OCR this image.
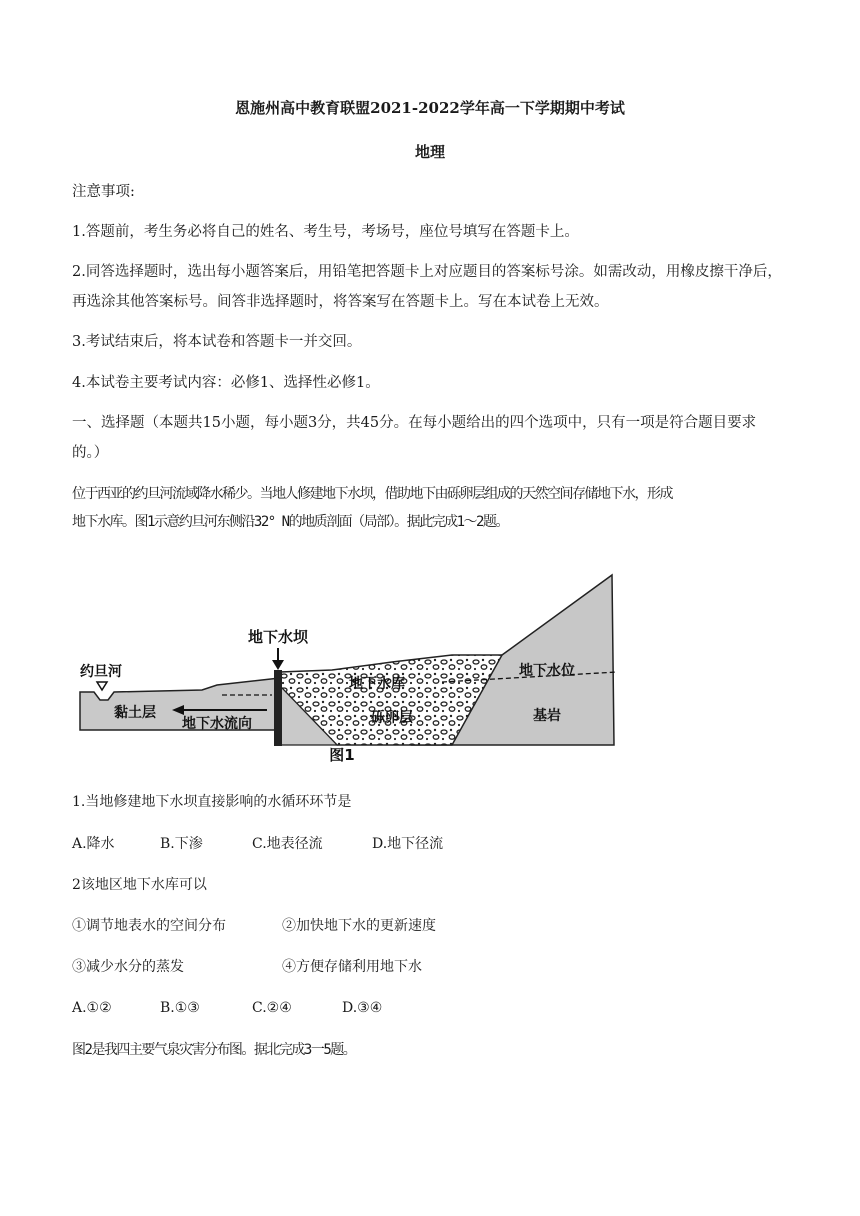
恩施州高中教育联盟2021-2022学年高一下学期期中考试
地理
注意事项:
1.答题前，考生务必将自己的姓名、考生号，考场号，座位号填写在答题卡上。
2.同答选择题时，选出每小题答案后，用铅笔把答题卡上对应题目的答案标号涂。如需改动，用橡皮擦干净后，
再选涂其他答案标号。间答非选择题时，将答案写在答题卡上。写在本试卷上无效。
3.考试结束后，将本试卷和答题卡一并交回。
4.本试卷主要考试内容：必修1、选择性必修1。
一、选择题（本题共15小题，每小题3分，共45分。在每小题给出的四个选项中，只有一项是符合题目要求
的。）
位于西亚的约旦河流域降水稀少。当地人修建地下水坝，借助地下由砾卵层组成的天然空间存储地下水，形成
地下水库。图1示意约旦河东侧沿32° N的地质剖面（局部）。据此完成1～2题。
地下水坝
约旦河
黏土层
地下水流向
地下水库
砾卵层
地下水位
基岩
图1
1.当地修建地下水坝直接影响的水循环环节是
A.降水	B.下渗	C.地表径流	D.地下径流
2该地区地下水库可以
①调节地表水的空间分布	②加快地下水的更新速度
③减少水分的蒸发	④方便存储利用地下水
A.①②	B.①③	C.②④	D.③④
图2是我四主要气泉灾害分布图。据北完成3一5题。
